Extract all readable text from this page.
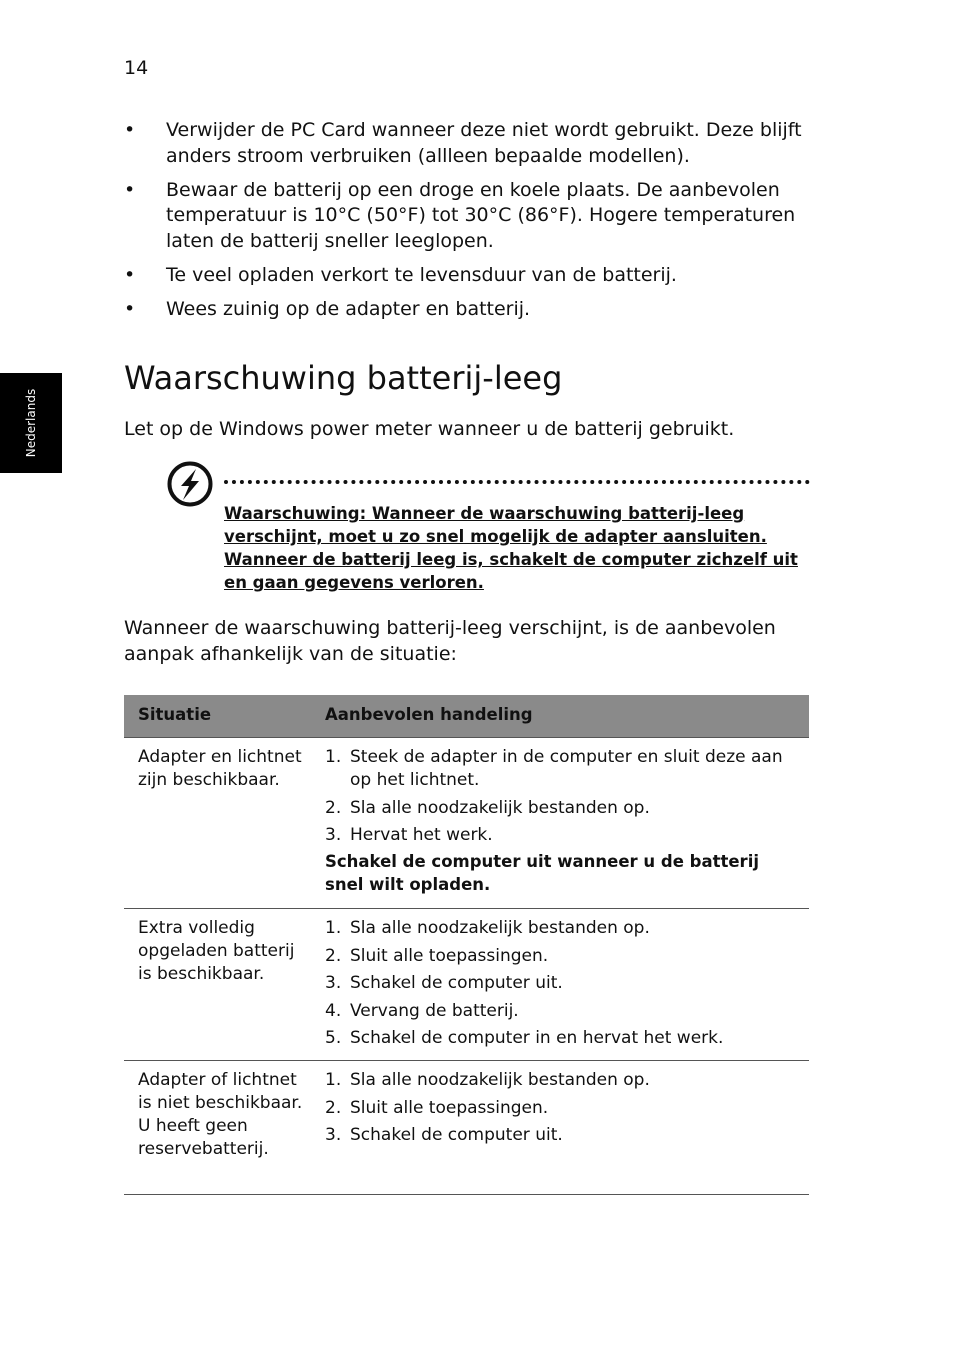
14
Nederlands
• Verwijder de PC Card wanneer deze niet wordt gebruikt. Deze blijft anders stroom verbruiken (allleen bepaalde modellen).
• Bewaar de batterij op een droge en koele plaats. De aanbevolen temperatuur is 10°C (50°F) tot 30°C (86°F). Hogere temperaturen laten de batterij sneller leeglopen.
• Te veel opladen verkort te levensduur van de batterij.
• Wees zuinig op de adapter en batterij.
Waarschuwing batterij-leeg
Let op de Windows power meter wanneer u de batterij gebruikt.
Waarschuwing: Wanneer de waarschuwing batterij-leeg verschijnt, moet u zo snel mogelijk de adapter aansluiten. Wanneer de batterij leeg is, schakelt de computer zichzelf uit en gaan gegevens verloren.
Wanneer de waarschuwing batterij-leeg verschijnt, is de aanbevolen aanpak afhankelijk van de situatie:
Situatie	Aanbevolen handeling
Adapter en lichtnet zijn beschikbaar.
1. Steek de adapter in de computer en sluit deze aan op het lichtnet.
2. Sla alle noodzakelijk bestanden op.
3. Hervat het werk.
Schakel de computer uit wanneer u de batterij snel wilt opladen.
Extra volledig opgeladen batterij is beschikbaar.
1. Sla alle noodzakelijk bestanden op.
2. Sluit alle toepassingen.
3. Schakel de computer uit.
4. Vervang de batterij.
5. Schakel de computer in en hervat het werk.
Adapter of lichtnet is niet beschikbaar.
U heeft geen reservebatterij.
1. Sla alle noodzakelijk bestanden op.
2. Sluit alle toepassingen.
3. Schakel de computer uit.
